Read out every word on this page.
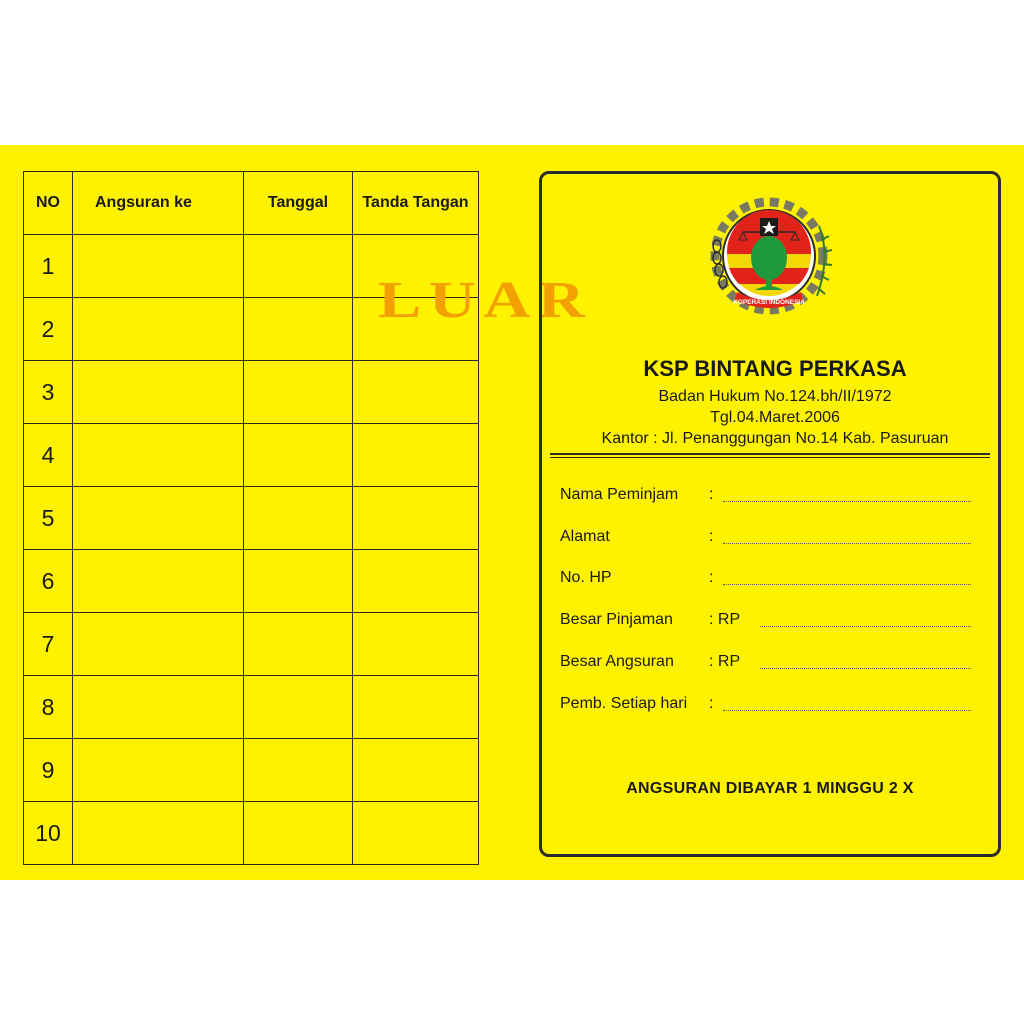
NO	Angsuran ke	Tanggal	Tanda Tangan
1			
2			
3			
4			
5			
6			
7			
8			
9			
10			

LUAR	KOPERASI INDONESIA
KSP BINTANG PERKASA
Badan Hukum No.124.bh/II/1972
Tgl.04.Maret.2006
Kantor : Jl. Penanggungan No.14 Kab. Pasuruan
Nama Peminjam :
Alamat	:
No. HP	:
Besar Pinjaman : RP
Besar Angsuran : RP
Pemb. Setiap hari :
ANGSURAN DIBAYAR 1 MINGGU 2 X
